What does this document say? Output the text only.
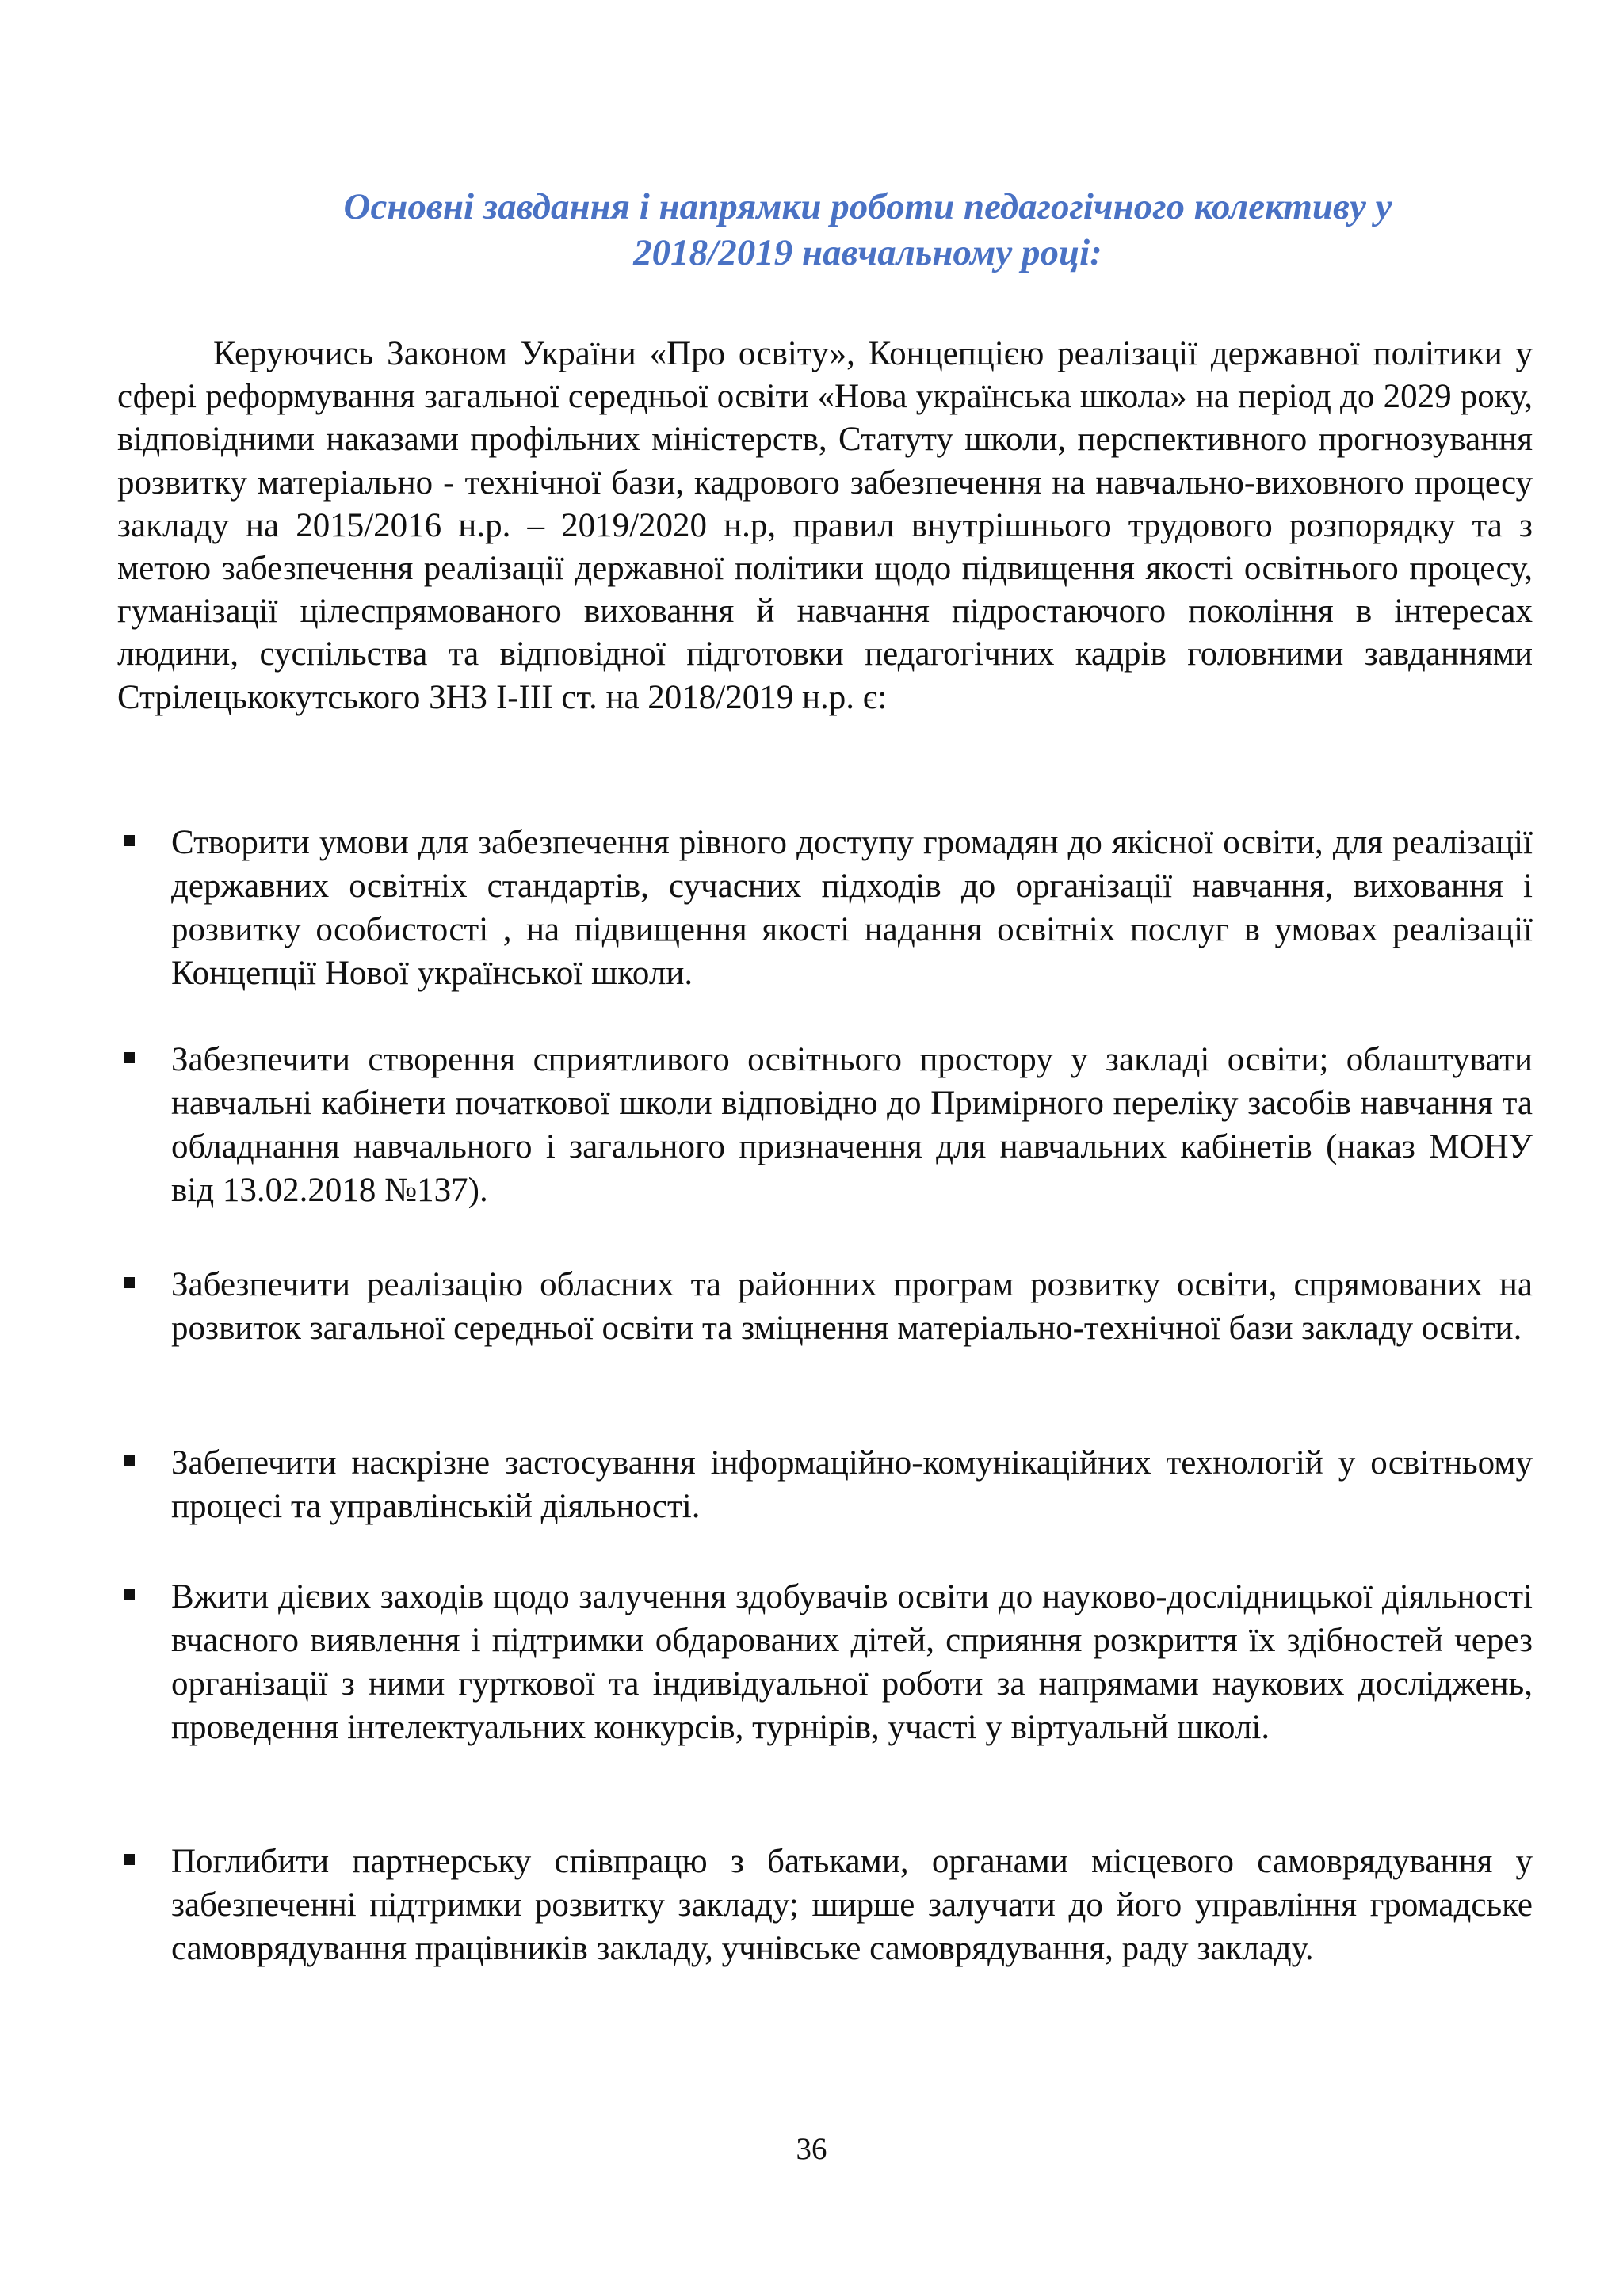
Основні завдання і напрямки роботи педагогічного колективу у
2018/2019 навчальному році:

Керуючись Законом України «Про освіту», Концепцією реалізації державної політики у сфері реформування загальної середньої освіти «Нова українська школа» на період до 2029 року, відповідними наказами профільних міністерств, Статуту школи, перспективного прогнозування розвитку матеріально - технічної бази, кадрового забезпечення на навчально-виховного процесу закладу на 2015/2016 н.р. – 2019/2020 н.р, правил внутрішнього трудового розпорядку та з метою забезпечення реалізації державної політики щодо підвищення якості освітнього процесу, гуманізації цілеспрямованого виховання й навчання підростаючого покоління в інтересах людини, суспільства та відповідної підготовки педагогічних кадрів головними завданнями Стрілецькокутського ЗНЗ І-ІІІ ст. на 2018/2019 н.р. є:

Створити умови для забезпечення рівного доступу громадян до якісної освіти, для реалізації державних освітніх стандартів, сучасних підходів до організації навчання, виховання і розвитку особистості , на підвищення якості надання освітніх послуг в умовах реалізації Концепції Нової української школи.
Забезпечити створення сприятливого освітнього простору у закладі освіти; облаштувати навчальні кабінети початкової школи відповідно до Примірного переліку засобів навчання та обладнання навчального і загального призначення для навчальних кабінетів (наказ МОНУ від 13.02.2018 №137).
Забезпечити реалізацію обласних та районних програм розвитку освіти, спрямованих на розвиток загальної середньої освіти та зміцнення матеріально-технічної бази закладу освіти.
Забепечити наскрізне застосування інформаційно-комунікаційних технологій у освітньому процесі та управлінській діяльності.
Вжити дієвих заходів щодо залучення здобувачів освіти до науково-дослідницької діяльності вчасного виявлення і підтримки обдарованих дітей, сприяння розкриття їх здібностей через організації з ними гурткової та індивідуальної роботи за напрямами наукових досліджень, проведення інтелектуальних конкурсів, турнірів, участі у віртуальнй школі.
Поглибити партнерську співпрацю з батьками, органами місцевого самоврядування у забезпеченні підтримки розвитку закладу; ширше залучати до його управління громадське самоврядування працівників закладу, учнівське самоврядування, раду закладу.
36
